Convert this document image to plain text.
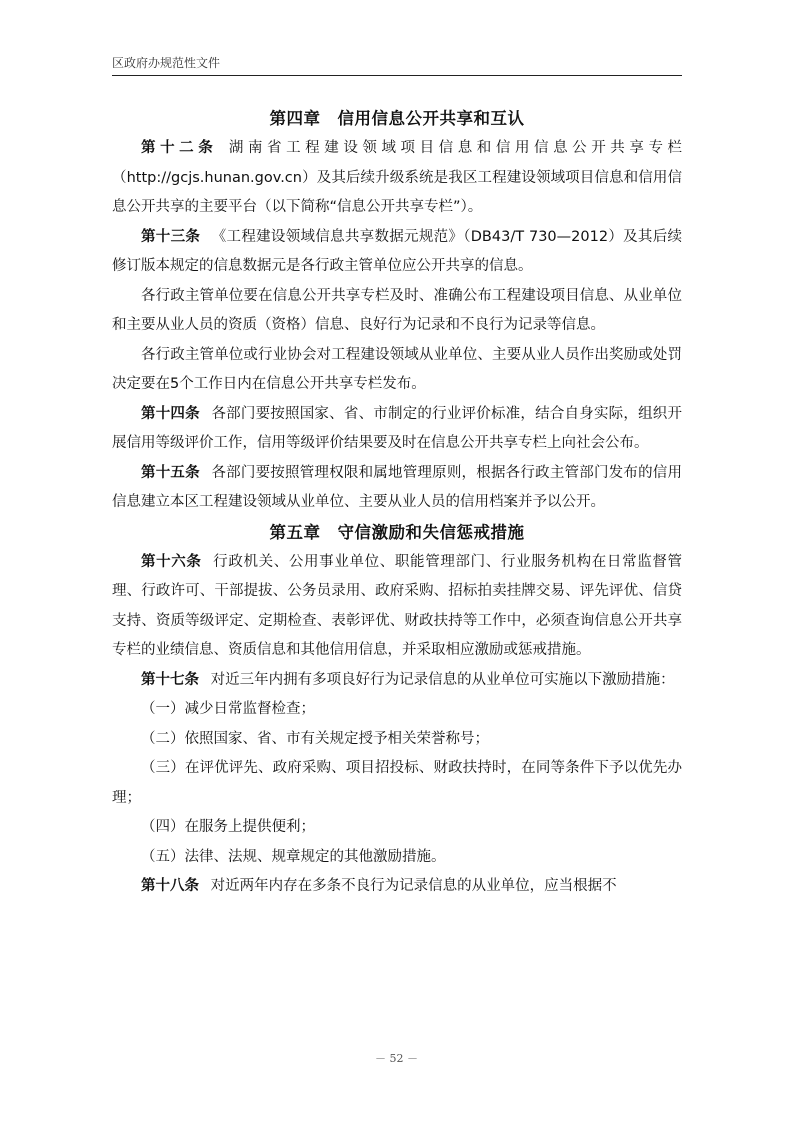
区政府办规范性文件
第四章　信用信息公开共享和互认

第十二条 湖南省工程建设领域项目信息和信用信息公开共享专栏（http://gcjs.hunan.gov.cn）及其后续升级系统是我区工程建设领域项目信息和信用信息公开共享的主要平台（以下简称“信息公开共享专栏”）。

第十三条 《工程建设领域信息共享数据元规范》（DB43/T 730—2012）及其后续修订版本规定的信息数据元是各行政主管单位应公开共享的信息。

各行政主管单位要在信息公开共享专栏及时、准确公布工程建设项目信息、从业单位和主要从业人员的资质（资格）信息、良好行为记录和不良行为记录等信息。

各行政主管单位或行业协会对工程建设领域从业单位、主要从业人员作出奖励或处罚决定要在5个工作日内在信息公开共享专栏发布。

第十四条 各部门要按照国家、省、市制定的行业评价标准，结合自身实际，组织开展信用等级评价工作，信用等级评价结果要及时在信息公开共享专栏上向社会公布。

第十五条 各部门要按照管理权限和属地管理原则，根据各行政主管部门发布的信用信息建立本区工程建设领域从业单位、主要从业人员的信用档案并予以公开。

第五章　守信激励和失信惩戒措施

第十六条 行政机关、公用事业单位、职能管理部门、行业服务机构在日常监督管理、行政许可、干部提拔、公务员录用、政府采购、招标拍卖挂牌交易、评先评优、信贷支持、资质等级评定、定期检查、表彰评优、财政扶持等工作中，必须查询信息公开共享专栏的业绩信息、资质信息和其他信用信息，并采取相应激励或惩戒措施。

第十七条 对近三年内拥有多项良好行为记录信息的从业单位可实施以下激励措施：

（一）减少日常监督检查；

（二）依照国家、省、市有关规定授予相关荣誉称号；

（三）在评优评先、政府采购、项目招投标、财政扶持时，在同等条件下予以优先办理；

（四）在服务上提供便利；

（五）法律、法规、规章规定的其他激励措施。

第十八条 对近两年内存在多条不良行为记录信息的从业单位，应当根据不

－ 52 －
